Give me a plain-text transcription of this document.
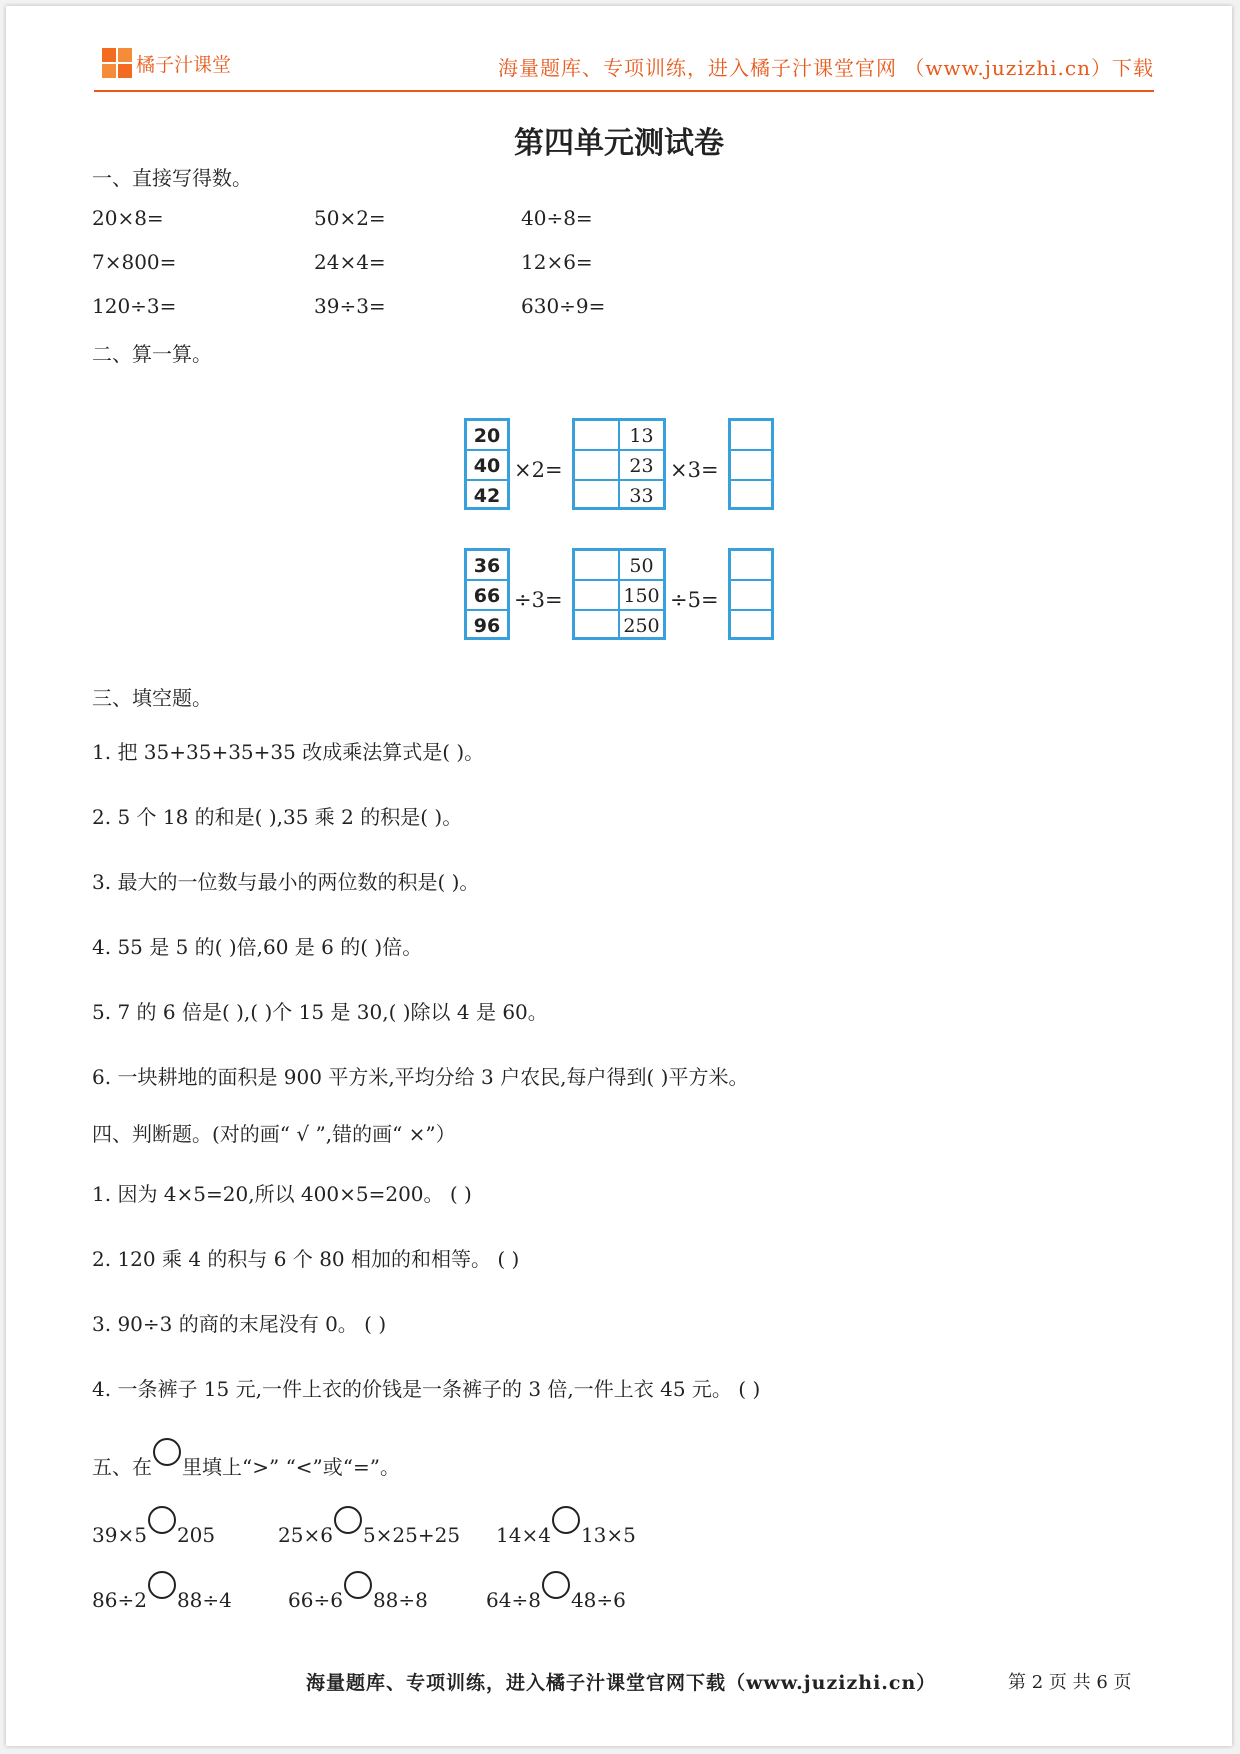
橘子汁课堂	海量题库、专项训练，进入橘子汁课堂官网 （www.juzizhi.cn）下载
第四单元测试卷
一、直接写得数。
20×8=	50×2=	40÷8=
7×800=	24×4=	12×6=
120÷3=	39÷3=	630÷9=
二、算一算。
20
40
42
×2=
13
23
33
×3=
36
66
96
÷3=
50
150
250
÷5=
三、填空题。
1. 把 35+35+35+35 改成乘法算式是( )。
2. 5 个 18 的和是( ),35 乘 2 的积是( )。
3. 最大的一位数与最小的两位数的积是( )。
4. 55 是 5 的( )倍,60 是 6 的( )倍。
5. 7 的 6 倍是( ),( )个 15 是 30,( )除以 4 是 60。
6. 一块耕地的面积是 900 平方米,平均分给 3 户农民,每户得到( )平方米。
四、判断题。(对的画“ √ ”,错的画“ ×”）
1. 因为 4×5=20,所以 400×5=200。 ( )
2. 120 乘 4 的积与 6 个 80 相加的和相等。 ( )
3. 90÷3 的商的末尾没有 0。 ( )
4. 一条裤子 15 元,一件上衣的价钱是一条裤子的 3 倍,一件上衣 45 元。 ( )
五、在 里填上“>” “<”或“=”。
39×5 205	25×6 5×25+25 14×4 13×5
86÷2 88÷4	66÷6 88÷8	64÷8 48÷6
海量题库、专项训练，进入橘子汁课堂官网下载（www.juzizhi.cn）	第 2 页 共 6 页
